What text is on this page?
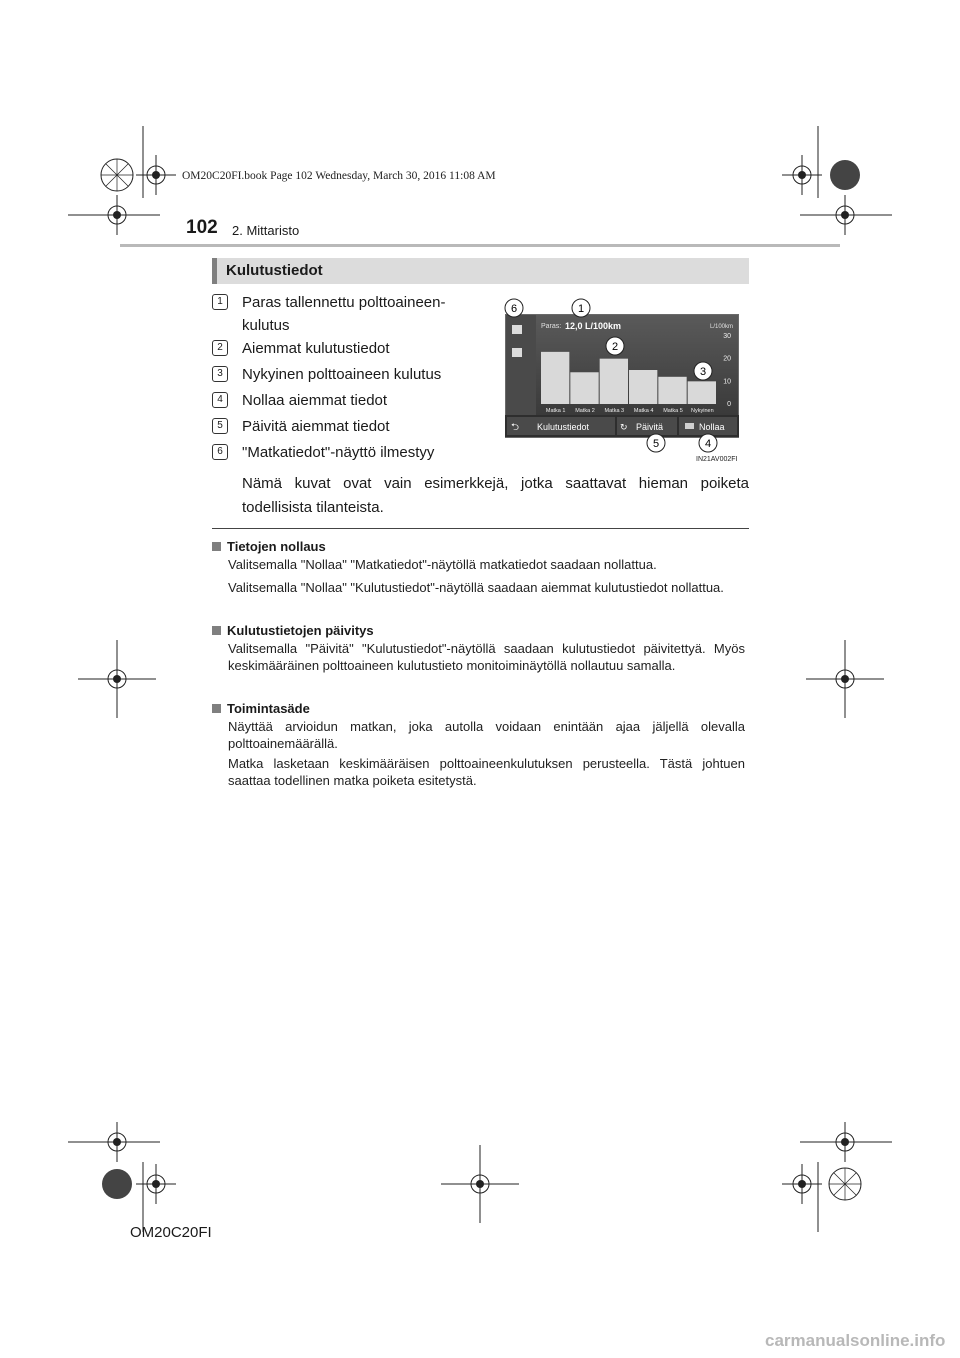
OM20C20FI.book Page 102 Wednesday, March 30, 2016 11:08 AM
102 2. Mittaristo
Kulutustiedot
1	Paras tallennettu polttoaineen-
kulutus
2	Aiemmat kulutustiedot
3	Nykyinen polttoaineen kulutus
4	Nollaa aiemmat tiedot
5	Päivitä aiemmat tiedot
6	"Matkatiedot"-näyttö ilmestyy
Paras: 12,0 L/100km	L/100km
30
20
10
0
Matka 1 Matka 2 Matka 3 Matka 4 Matka 5 Nykyinen
⮌ Kulutustiedot	↻ Päivitä	Nollaa
6	1
2
3
5	4
IN21AV002FI
Nämä kuvat ovat vain esimerkkejä, jotka saattavat hieman poiketa todellisista tilanteista.
Tietojen nollaus
Valitsemalla "Nollaa" "Matkatiedot"-näytöllä matkatiedot saadaan nollattua.
Valitsemalla "Nollaa" "Kulutustiedot"-näytöllä saadaan aiemmat kulutustiedot nollattua.
Kulutustietojen päivitys
Valitsemalla "Päivitä" "Kulutustiedot"-näytöllä saadaan kulutustiedot päivitettyä. Myös keskimääräinen polttoaineen kulutustieto monitoiminäytöllä nollautuu samalla.
Toimintasäde
Näyttää arvioidun matkan, joka autolla voidaan enintään ajaa jäljellä olevalla polttoainemäärällä.
Matka lasketaan keskimääräisen polttoaineenkulutuksen perusteella. Tästä johtuen saattaa todellinen matka poiketa esitetystä.
OM20C20FI
carmanualsonline.info
